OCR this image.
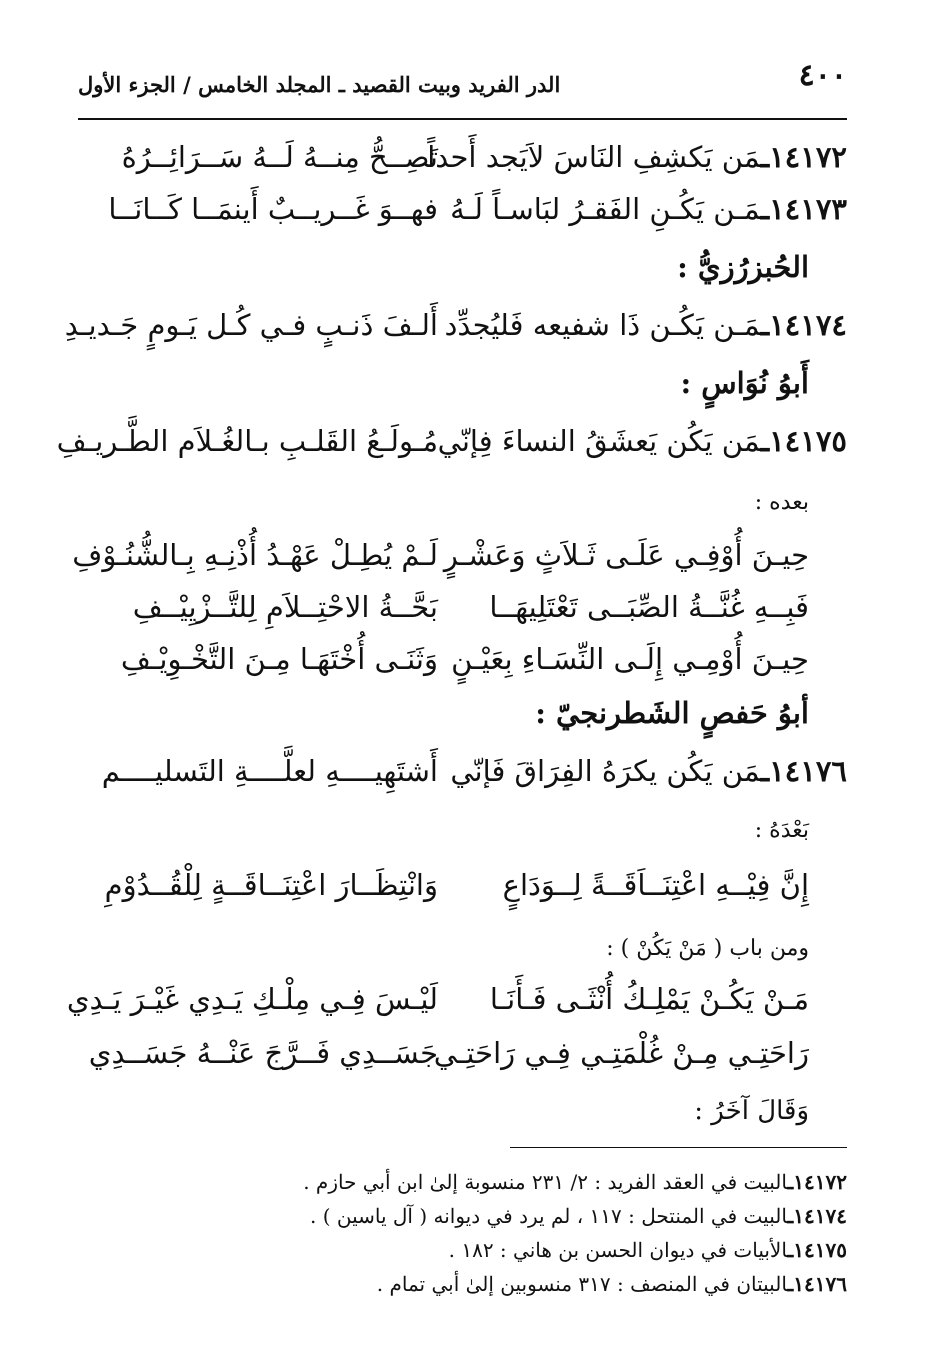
٤٠٠
الدر الفريد وبيت القصيد ـ المجلد الخامس / الجزء الأول
١٤١٧٢ـمَن يَكشِفِ النَاسَ لاَيَجد أَحداً
تَصِــحُّ مِنــهُ لَــهُ سَــرَائِــرُهُ
١٤١٧٣ـمَـن يَكُـنِ الفَقـرُ لبَاسـاً لَـهُ
فهــوَ غَــريــبٌ أَينمَــا كَــانَــا
الحُبزرُزيُّ :
١٤١٧٤ـمَـن يَكُـن ذَا شفيعه فَليُجدِّد
أَلـفَ ذَنـبٍ فـي كُـل يَـومٍ جَـديـدِ
أَبوُ نُوَاسٍ :
١٤١٧٥ـمَن يَكُن يَعشَقُ النساءَ فِإنّي
مُـولَـعُ القَلـبِ بـالغُـلاَم الطَّـريـفِ
بعده :
حِيـنَ أُوْفِـي عَلَـى ثَـلاَثٍ وَعَشْـرٍ
لَـمْ يُطِـلْ عَهْـدُ أُذْنِـهِ بِـالشُّنُـوْفِ
فَبِــهِ غُنَّــةُ الصِّبَــى تَعْتَلِيهَــا
بَحَّــةُ الاحْتِــلاَمِ لِلتَّــزْيِيْــفِ
حِيـنَ أُوْمِـي إِلَـى النِّسَـاءِ بِعَيْـنٍ
وَثَنَـى أُخْتَهَـا مِـنَ التَّخْـوِيْـفِ
أبوُ حَفصٍ الشَطرنجيّ :
١٤١٧٦ـمَن يَكُن يكرَهُ الفِرَاقَ فَإنّي
أَشتَهِيــــهِ لعلَّــــةِ التَسليــــم
بَعْدَهُ :
إِنَّ فِيْــهِ اعْتِنَــاَقَــةً لِــوَدَاعٍ
وَانْتِظَــارَ اعْتِنَــاقَــةٍ لِلْقُــدُوْمِ
ومن باب ( مَنْ يَكُنْ ) :
مَـنْ يَكُـنْ يَمْلِـكُ أُنْثَـى فَـأَنَـا
لَيْـسَ فِـي مِلْـكِ يَـدِي غَيْـرَ يَـدِي
رَاحَتِـي مِـنْ غُلْمَتِـي فِـي رَاحَتِـي
جَسَــدِي فَــرَّجَ عَنْــهُ جَسَــدِي
وَقَالَ آخَرُ :
١٤١٧٢ـالبيت في العقد الفريد : ٢/ ٢٣١ منسوبة إلىٰ ابن أبي حازم .
١٤١٧٤ـالبيت في المنتحل : ١١٧ ، لم يرد في ديوانه ( آل ياسين ) .
١٤١٧٥ـالأبيات في ديوان الحسن بن هاني : ١٨٢ .
١٤١٧٦ـالبيتان في المنصف : ٣١٧ منسوبين إلىٰ أبي تمام .
